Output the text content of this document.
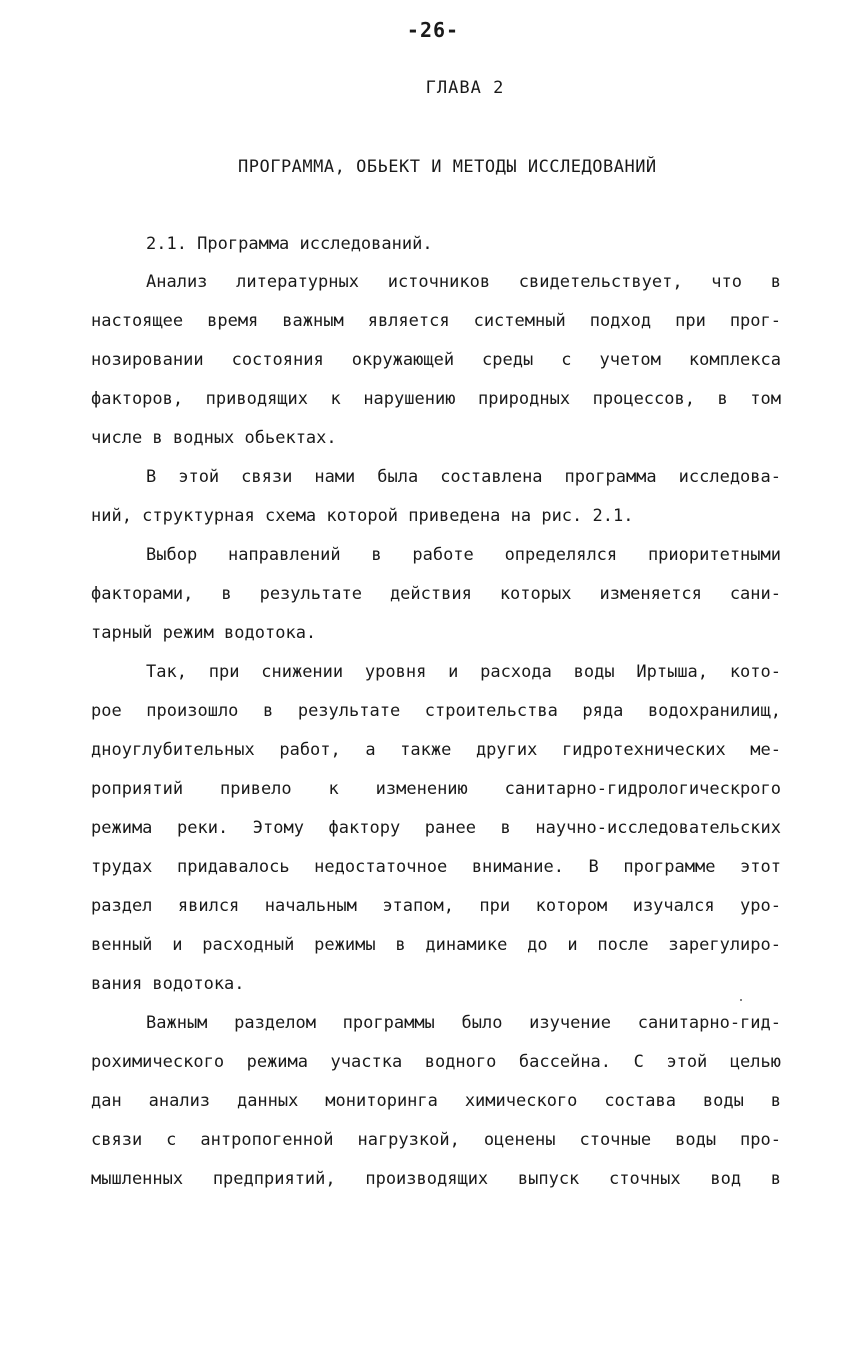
-26-
ГЛАВА 2
ПРОГРАММА, ОБЬЕКТ И МЕТОДЫ ИССЛЕДОВАНИЙ
2.1. Программа исследований.
Анализ литературных источников свидетельствует, что в
настоящее время важным является системный подход при прог-
нозировании состояния окружающей среды с учетом комплекса
факторов, приводящих к нарушению природных процессов, в том
числе в водных обьектах.
В этой связи нами была составлена программа исследова-
ний, структурная схема которой приведена на рис. 2.1.
Выбор направлений в работе определялся приоритетными
факторами, в результате действия которых изменяется сани-
тарный режим водотока.
Так, при снижении уровня и расхода воды Иртыша, кото-
рое произошло в результате строительства ряда водохранилищ,
дноуглубительных работ, а также других гидротехнических ме-
роприятий привело к изменению санитарно-гидрологическрого
режима реки. Этому фактору ранее в научно-исследовательских
трудах придавалось недостаточное внимание. В программе этот
раздел явился начальным этапом, при котором изучался уро-
венный и расходный режимы в динамике до и после зарегулиро-
вания водотока.
Важным разделом программы было изучение санитарно-гид-
рохимического режима участка водного бассейна. С этой целью
дан анализ данных мониторинга химического состава воды в
связи с антропогенной нагрузкой, оценены сточные воды про-
мышленных предприятий, производящих выпуск сточных вод в
